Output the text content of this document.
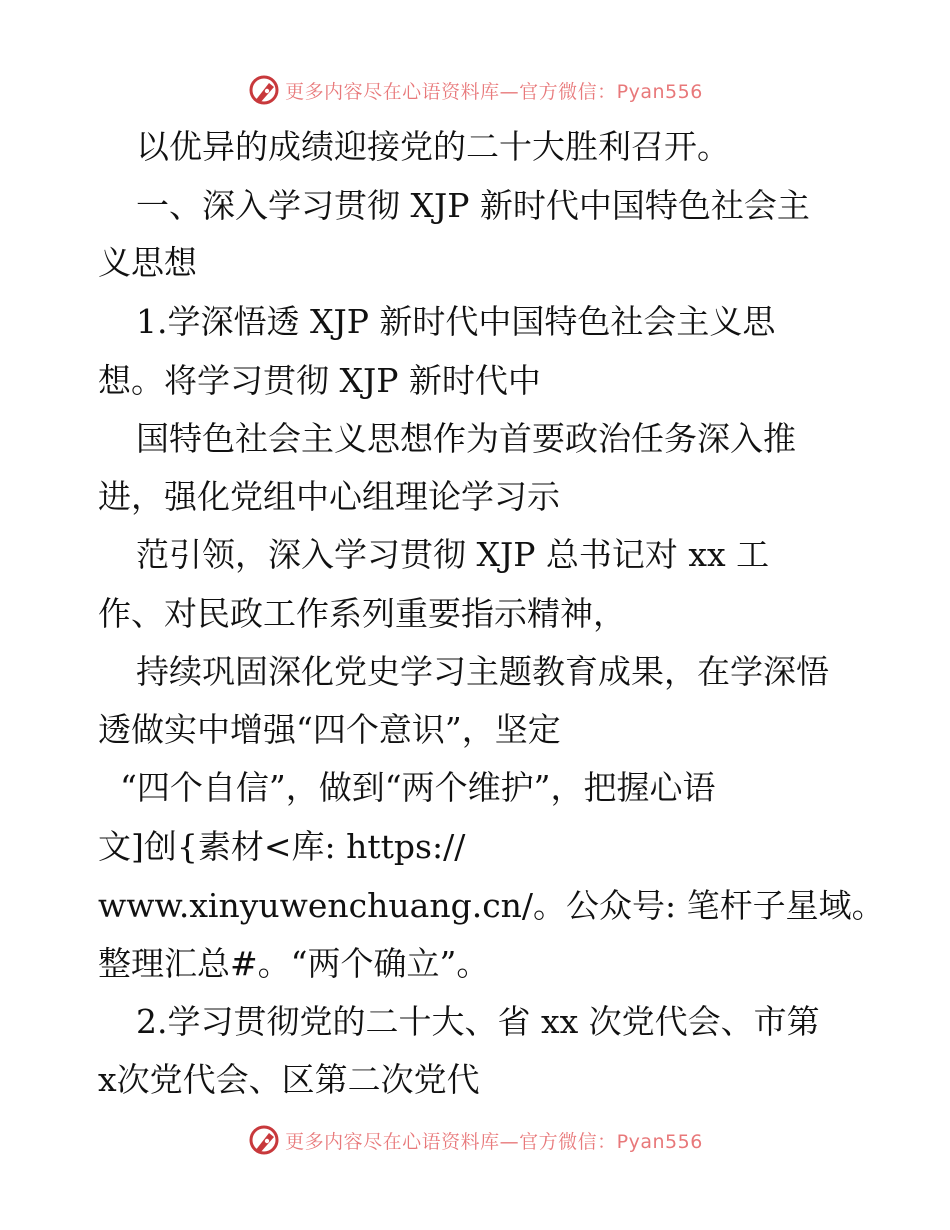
更多内容尽在心语资料库—官方微信：Pyan556
以优异的成绩迎接党的二十大胜利召开。
一、深入学习贯彻 XJP 新时代中国特色社会主
义思想
1.学深悟透 XJP 新时代中国特色社会主义思
想。将学习贯彻 XJP 新时代中
国特色社会主义思想作为首要政治任务深入推
进，强化党组中心组理论学习示
范引领，深入学习贯彻 XJP 总书记对 xx 工
作、对民政工作系列重要指示精神，
持续巩固深化党史学习主题教育成果，在学深悟
透做实中增强“四个意识”，坚定
“四个自信”，做到“两个维护”，把握心语
文]创{素材<库: https://
www.xinyuwenchuang.cn/。公众号: 笔杆子星域。
整理汇总#。“两个确立”。
2.学习贯彻党的二十大、省 xx 次党代会、市第
x次党代会、区第二次党代
更多内容尽在心语资料库—官方微信：Pyan556
